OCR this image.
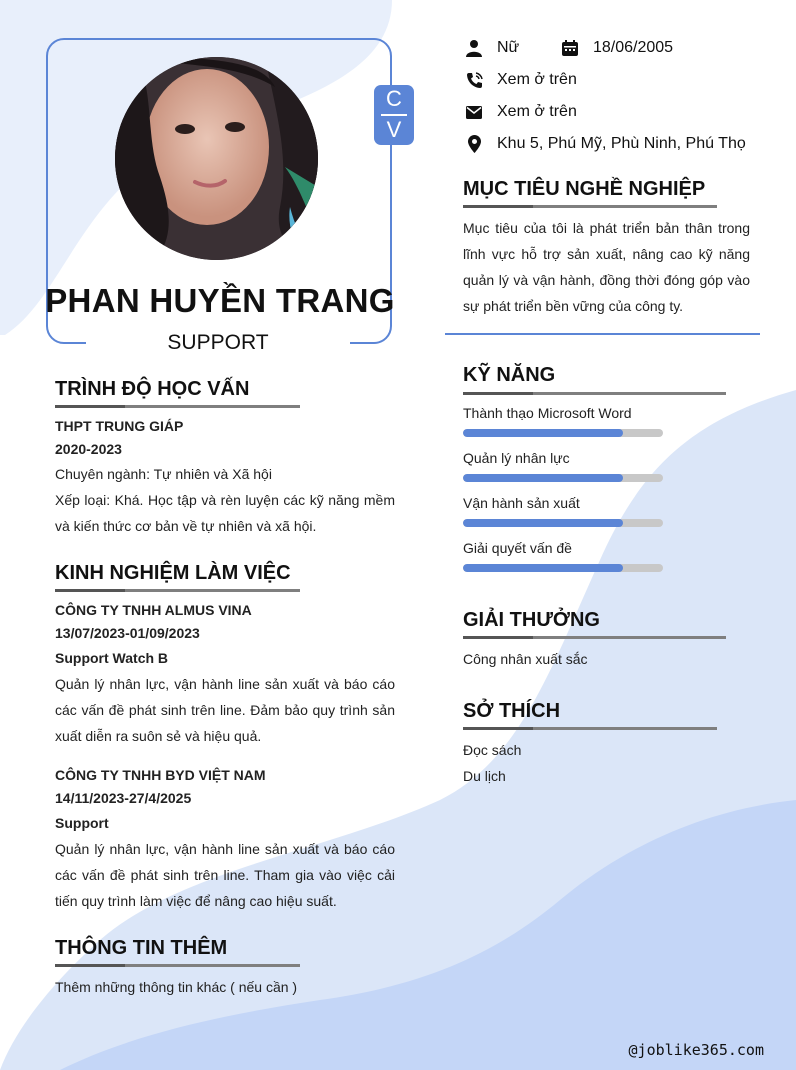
C
V
PHAN HUYỀN TRANG
SUPPORT
Nữ	18/06/2005
Xem ở trên
Xem ở trên
Khu 5, Phú Mỹ, Phù Ninh, Phú Thọ
MỤC TIÊU NGHỀ NGHIỆP
Mục tiêu của tôi là phát triển bản thân trong lĩnh vực hỗ trợ sản xuất, nâng cao kỹ năng quản lý và vận hành, đồng thời đóng góp vào sự phát triển bền vững của công ty.
TRÌNH ĐỘ HỌC VẤN
THPT TRUNG GIÁP
2020-2023
Chuyên ngành: Tự nhiên và Xã hội
Xếp loại: Khá. Học tập và rèn luyện các kỹ năng mềm và kiến thức cơ bản về tự nhiên và xã hội.
KINH NGHIỆM LÀM VIỆC
CÔNG TY TNHH ALMUS VINA
13/07/2023-01/09/2023
Support Watch B
Quản lý nhân lực, vận hành line sản xuất và báo cáo các vấn đề phát sinh trên line. Đảm bảo quy trình sản xuất diễn ra suôn sẻ và hiệu quả.
CÔNG TY TNHH BYD VIỆT NAM
14/11/2023-27/4/2025
Support
Quản lý nhân lực, vận hành line sản xuất và báo cáo các vấn đề phát sinh trên line. Tham gia vào việc cải tiến quy trình làm việc để nâng cao hiệu suất.
THÔNG TIN THÊM
Thêm những thông tin khác ( nếu cần )
KỸ NĂNG
Thành thạo Microsoft Word
Quản lý nhân lực
Vận hành sản xuất
Giải quyết vấn đề
GIẢI THƯỞNG
Công nhân xuất sắc
SỞ THÍCH
Đọc sách
Du lịch
@joblike365.com
